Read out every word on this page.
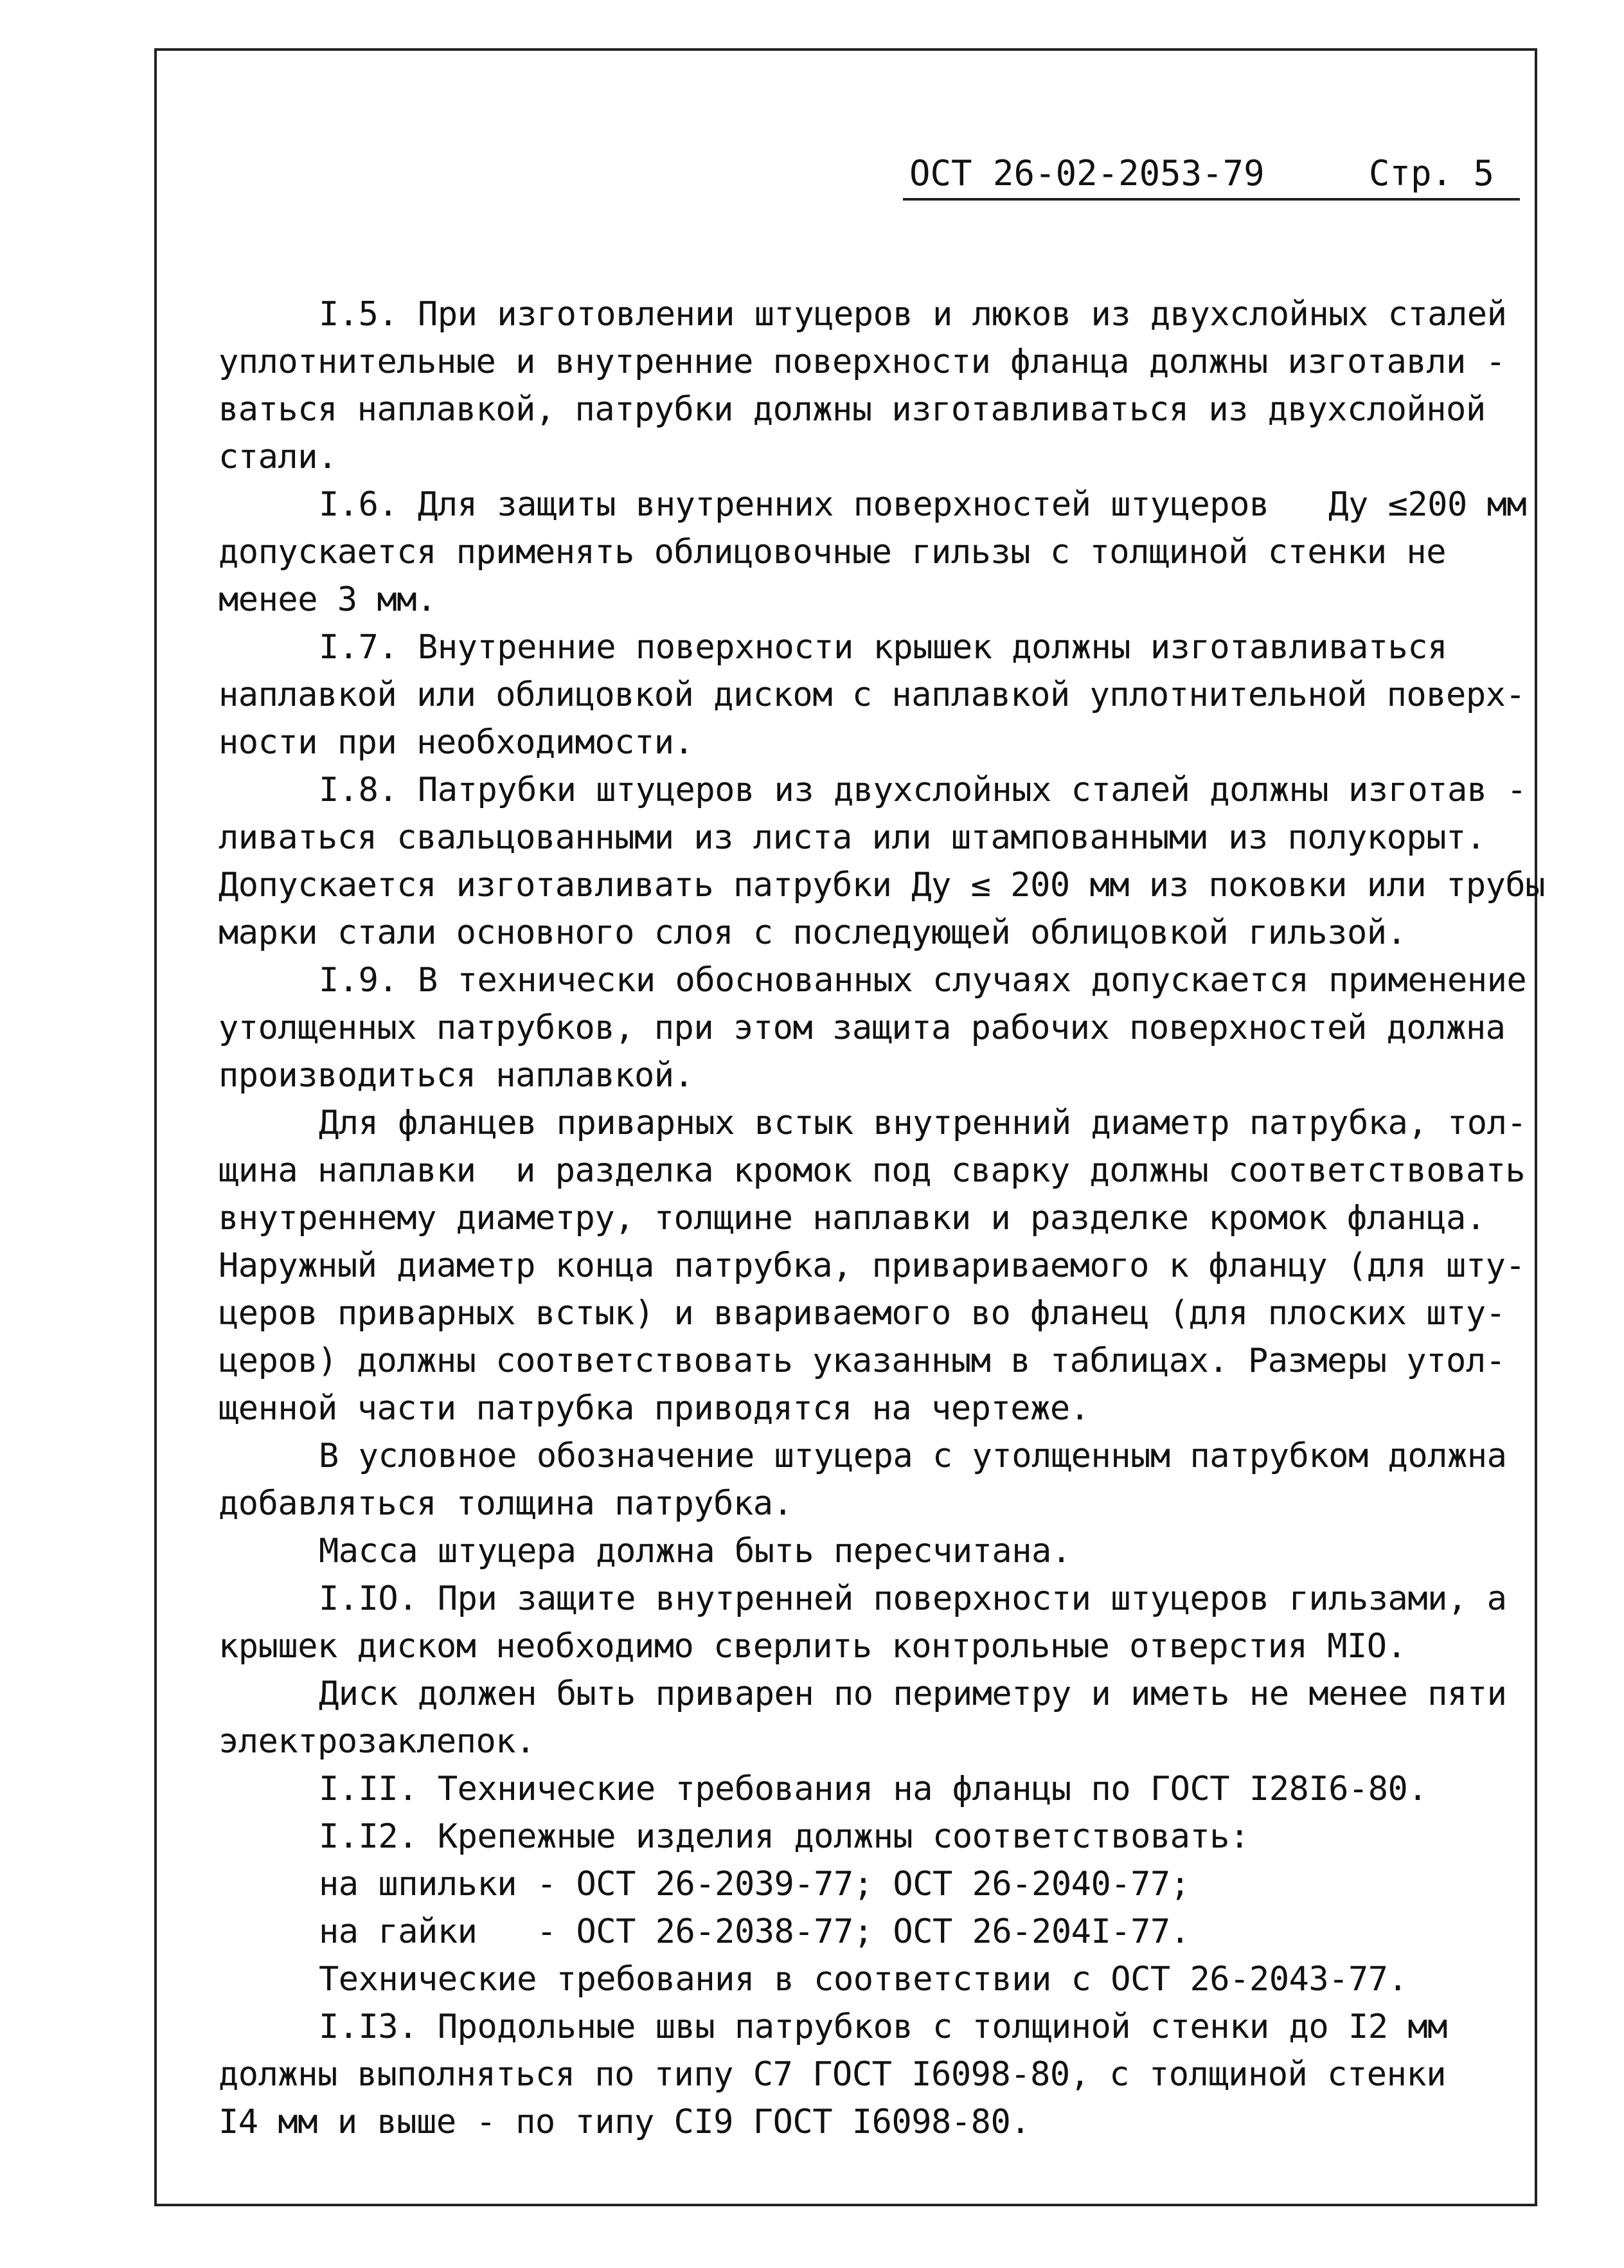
ОСТ 26-02-2053-79	Стр. 5
I.5. При изготовлении штуцеров и люков из двухслойных сталей
уплотнительные и внутренние поверхности фланца должны изготавли -
ваться наплавкой, патрубки должны изготавливаться из двухслойной
стали.
I.6. Для защиты внутренних поверхностей штуцеров   Ду ≤200 мм
допускается применять облицовочные гильзы с толщиной стенки не
менее 3 мм.
I.7. Внутренние поверхности крышек должны изготавливаться
наплавкой или облицовкой диском с наплавкой уплотнительной поверх-
ности при необходимости.
I.8. Патрубки штуцеров из двухслойных сталей должны изготав -
ливаться свальцованными из листа или штампованными из полукорыт.
Допускается изготавливать патрубки Ду ≤ 200 мм из поковки или трубы
марки стали основного слоя с последующей облицовкой гильзой.
I.9. В технически обоснованных случаях допускается применение
утолщенных патрубков, при этом защита рабочих поверхностей должна
производиться наплавкой.
Для фланцев приварных встык внутренний диаметр патрубка, тол-
щина наплавки  и разделка кромок под сварку должны соответствовать
внутреннему диаметру, толщине наплавки и разделке кромок фланца.
Наружный диаметр конца патрубка, привариваемого к фланцу (для шту-
церов приварных встык) и ввариваемого во фланец (для плоских шту-
церов) должны соответствовать указанным в таблицах. Размеры утол-
щенной части патрубка приводятся на чертеже.
В условное обозначение штуцера с утолщенным патрубком должна
добавляться толщина патрубка.
Масса штуцера должна быть пересчитана.
I.IO. При защите внутренней поверхности штуцеров гильзами, а
крышек диском необходимо сверлить контрольные отверстия MIO.
Диск должен быть приварен по периметру и иметь не менее пяти
электрозаклепок.
I.II. Технические требования на фланцы по ГОСТ I28I6-80.
I.I2. Крепежные изделия должны соответствовать:
на шпильки - ОСТ 26-2039-77; ОСТ 26-2040-77;
на гайки   - ОСТ 26-2038-77; ОСТ 26-204I-77.
Технические требования в соответствии с ОСТ 26-2043-77.
I.I3. Продольные швы патрубков с толщиной стенки до I2 мм
должны выполняться по типу С7 ГОСТ I6098-80, с толщиной стенки
I4 мм и выше - по типу СI9 ГОСТ I6098-80.
